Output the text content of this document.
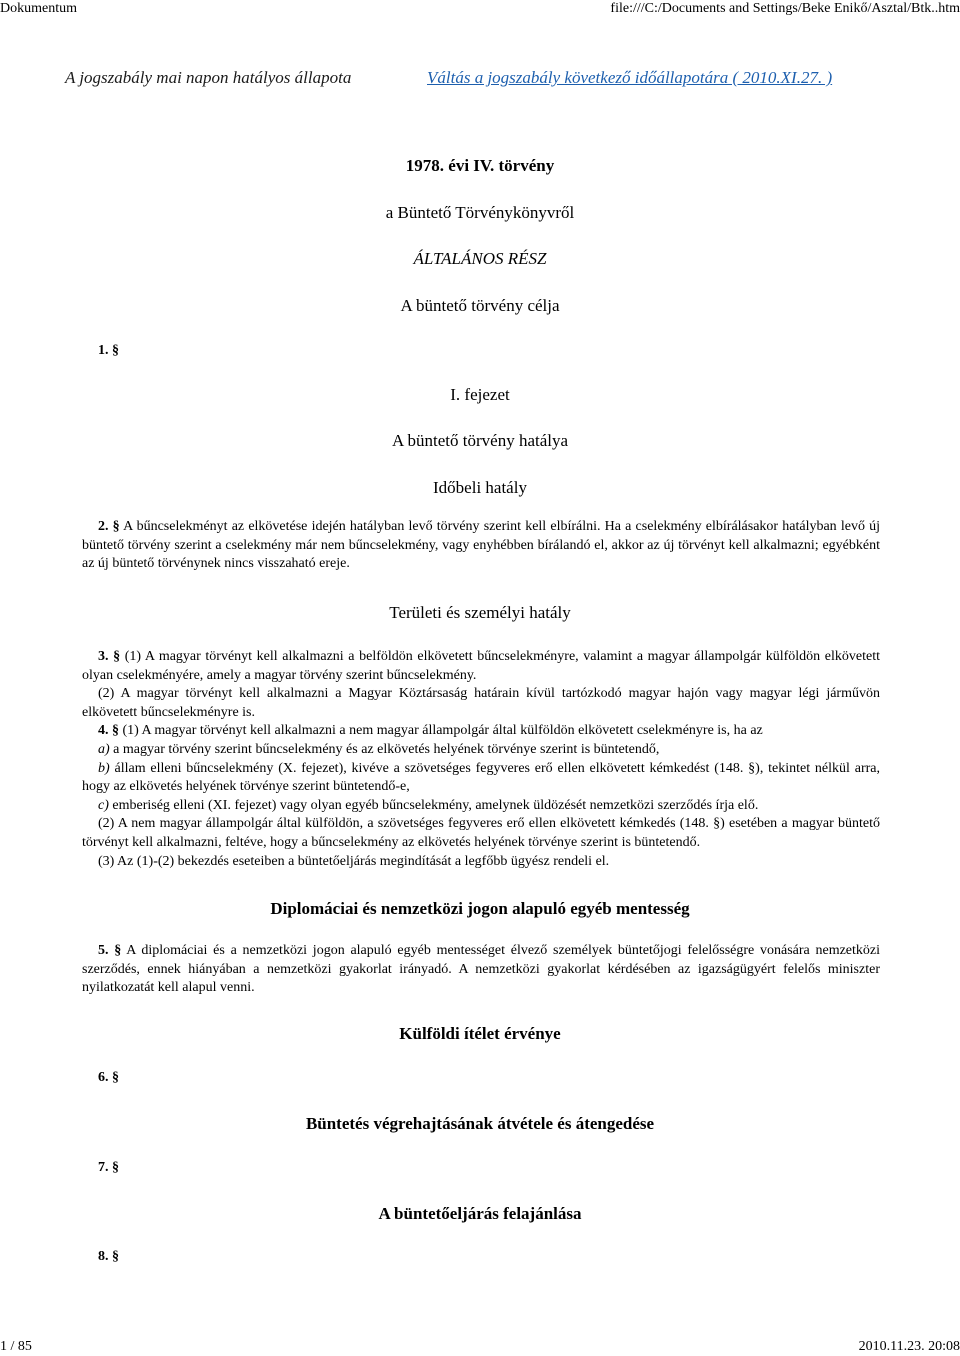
Dokumentum	file:///C:/Documents and Settings/Beke Enikő/Asztal/Btk..htm
A jogszabály mai napon hatályos állapota	Váltás a jogszabály következő időállapotára ( 2010.XI.27. )
1978. évi IV. törvény
a Büntető Törvénykönyvről
ÁLTALÁNOS RÉSZ
A büntető törvény célja
1. §
I. fejezet
A büntető törvény hatálya
Időbeli hatály

2. § A bűncselekményt az elkövetése idején hatályban levő törvény szerint kell elbírálni. Ha a cselekmény elbírálásakor hatályban levő új büntető törvény szerint a cselekmény már nem bűncselekmény, vagy enyhébben bírálandó el, akkor az új törvényt kell alkalmazni; egyébként az új büntető törvénynek nincs visszaható ereje.

Területi és személyi hatály

3. § (1) A magyar törvényt kell alkalmazni a belföldön elkövetett bűncselekményre, valamint a magyar állampolgár külföldön elkövetett olyan cselekményére, amely a magyar törvény szerint bűncselekmény.

(2) A magyar törvényt kell alkalmazni a Magyar Köztársaság határain kívül tartózkodó magyar hajón vagy magyar légi járművön elkövetett bűncselekményre is.

4. § (1) A magyar törvényt kell alkalmazni a nem magyar állampolgár által külföldön elkövetett cselekményre is, ha az

a) a magyar törvény szerint bűncselekmény és az elkövetés helyének törvénye szerint is büntetendő,

b) állam elleni bűncselekmény (X. fejezet), kivéve a szövetséges fegyveres erő ellen elkövetett kémkedést (148. §), tekintet nélkül arra, hogy az elkövetés helyének törvénye szerint büntetendő-e,

c) emberiség elleni (XI. fejezet) vagy olyan egyéb bűncselekmény, amelynek üldözését nemzetközi szerződés írja elő.

(2) A nem magyar állampolgár által külföldön, a szövetséges fegyveres erő ellen elkövetett kémkedés (148. §) esetében a magyar büntető törvényt kell alkalmazni, feltéve, hogy a bűncselekmény az elkövetés helyének törvénye szerint is büntetendő.

(3) Az (1)-(2) bekezdés eseteiben a büntetőeljárás megindítását a legfőbb ügyész rendeli el.

Diplomáciai és nemzetközi jogon alapuló egyéb mentesség

5. § A diplomáciai és a nemzetközi jogon alapuló egyéb mentességet élvező személyek büntetőjogi felelősségre vonására nemzetközi szerződés, ennek hiányában a nemzetközi gyakorlat irányadó. A nemzetközi gyakorlat kérdésében az igazságügyért felelős miniszter nyilatkozatát kell alapul venni.

Külföldi ítélet érvénye
6. §
Büntetés végrehajtásának átvétele és átengedése
7. §
A büntetőeljárás felajánlása
8. §
1 / 85	2010.11.23. 20:08
